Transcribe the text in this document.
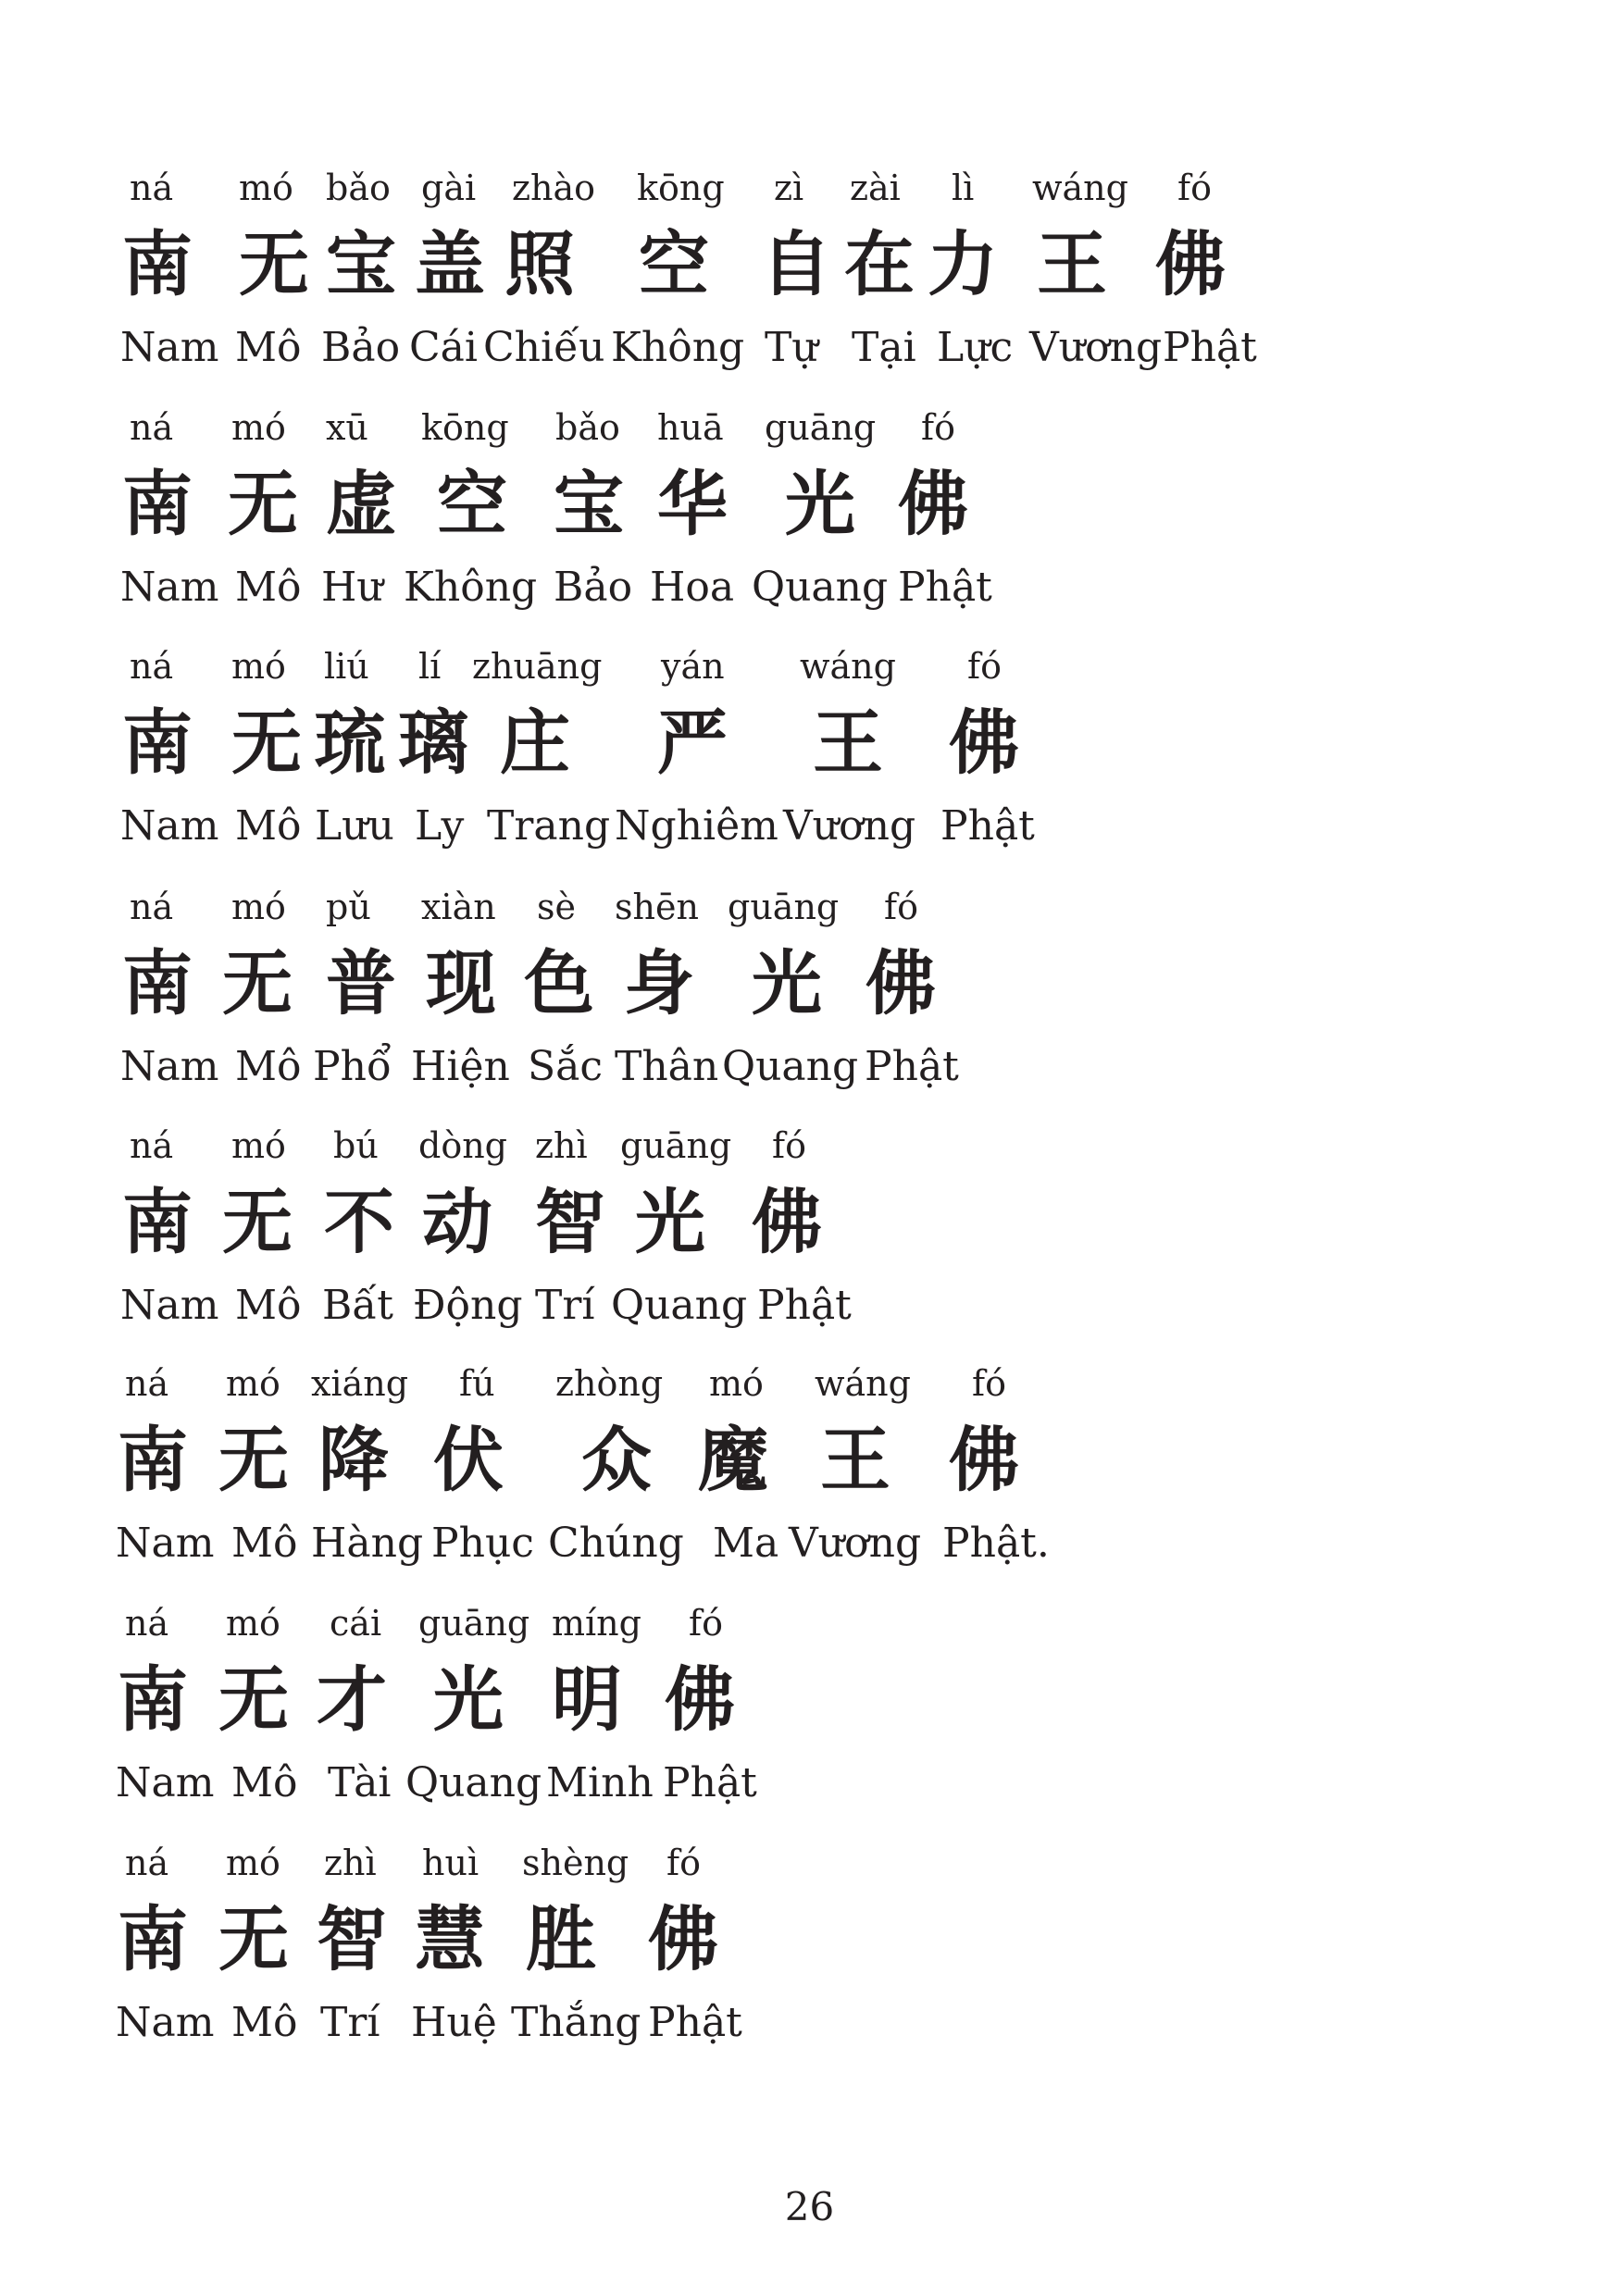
ná mó bǎo gài zhào kōng zì zài lì wáng fó
南 无 宝 盖 照 空 自 在 力 王 佛
Nam Mô Bảo Cái Chiếu Không Tự Tại Lực Vương Phật
ná mó xū kōng bǎo huā guāng fó
南 无 虚 空 宝 华 光 佛
Nam Mô Hư Không Bảo Hoa Quang Phật
ná mó liú lí zhuāng yán wáng fó
南 无 琉 璃 庄 严 王 佛
Nam Mô Lưu Ly Trang Nghiêm Vương Phật
ná mó pǔ xiàn sè shēn guāng fó
南 无 普 现 色 身 光 佛
Nam Mô Phổ Hiện Sắc Thân Quang Phật
ná mó bú dòng zhì guāng fó
南 无 不 动 智 光 佛
Nam Mô Bất Động Trí Quang Phật
ná mó xiáng fú zhòng mó wáng fó
南 无 降 伏 众 魔 王 佛
Nam Mô Hàng Phục Chúng Ma Vương Phật.
ná mó cái guāng míng fó
南 无 才 光 明 佛
Nam Mô Tài Quang Minh Phật
ná mó zhì huì shèng fó
南 无 智 慧 胜 佛
Nam Mô Trí Huệ Thắng Phật
26
